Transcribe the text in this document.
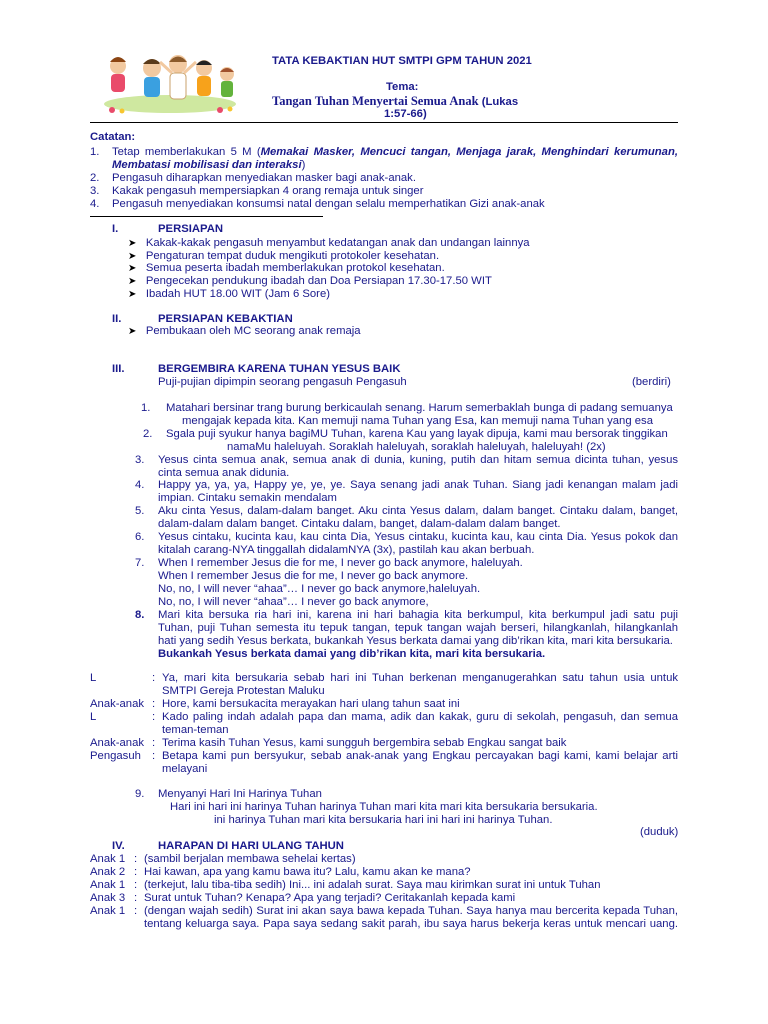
TATA KEBAKTIAN HUT SMTPI GPM TAHUN 2021
Tema:
Tangan Tuhan Menyertai Semua Anak (Lukas
1:57-66)
Catatan:
1. Tetap memberlakukan 5 M (Memakai Masker, Mencuci tangan, Menjaga jarak, Menghindari kerumunan,
Membatasi mobilisasi dan interaksi)
2. Pengasuh diharapkan menyediakan masker bagi anak-anak.
3. Kakak pengasuh mempersiapkan 4 orang remaja untuk singer
4. Pengasuh menyediakan konsumsi natal dengan selalu memperhatikan Gizi anak-anak
I.	PERSIAPAN
➤ Kakak-kakak pengasuh menyambut kedatangan anak dan undangan lainnya
➤ Pengaturan tempat duduk mengikuti protokoler kesehatan.
➤ Semua peserta ibadah memberlakukan protokol kesehatan.
➤ Pengecekan pendukung ibadah dan Doa Persiapan 17.30-17.50 WIT
➤ Ibadah HUT 18.00 WIT (Jam 6 Sore)
II.	PERSIAPAN KEBAKTIAN
➤ Pembukaan oleh MC seorang anak remaja
III.	BERGEMBIRA KARENA TUHAN YESUS BAIK
Puji-pujian dipimpin seorang pengasuh Pengasuh	(berdiri)
1. Matahari bersinar trang burung berkicaulah senang. Harum semerbaklah bunga di padang semuanya
mengajak kepada kita. Kan memuji nama Tuhan yang Esa, kan memuji nama Tuhan yang esa
2. Sgala puji syukur hanya bagiMU Tuhan, karena Kau yang layak dipuja, kami mau bersorak tinggikan
namaMu haleluyah. Soraklah haleluyah, soraklah haleluyah, haleluyah! (2x)
3. Yesus cinta semua anak, semua anak di dunia, kuning, putih dan hitam semua dicinta tuhan, yesus
cinta semua anak didunia.
4. Happy ya, ya, ya, Happy ye, ye, ye. Saya senang jadi anak Tuhan. Siang jadi kenangan malam jadi
impian. Cintaku semakin mendalam
5. Aku cinta Yesus, dalam-dalam banget. Aku cinta Yesus dalam, dalam banget. Cintaku dalam, banget,
dalam-dalam dalam banget. Cintaku dalam, banget, dalam-dalam dalam banget.
6. Yesus cintaku, kucinta kau, kau cinta Dia, Yesus cintaku, kucinta kau, kau cinta Dia. Yesus pokok dan
kitalah carang-NYA tinggallah didalamNYA (3x), pastilah kau akan berbuah.
7. When I remember Jesus die for me, I never go back anymore, haleluyah.
When I remember Jesus die for me, I never go back anymore.
No, no, I will never “ahaa”… I never go back anymore,haleluyah.
No, no, I will never “ahaa”… I never go back anymore,
8. Mari kita bersuka ria hari ini, karena ini hari bahagia kita berkumpul, kita berkumpul jadi satu puji
Tuhan, puji Tuhan semesta itu tepuk tangan, tepuk tangan wajah berseri, hilangkanlah, hilangkanlah
hati yang sedih Yesus berkata, bukankah Yesus berkata damai yang dib’rikan kita, mari kita bersukaria.
Bukankah Yesus berkata damai yang dib’rikan kita, mari kita bersukaria.
L	: Ya, mari kita bersukaria sebab hari ini Tuhan berkenan menganugerahkan satu tahun usia untuk
SMTPI Gereja Protestan Maluku
Anak-anak : Hore, kami bersukacita merayakan hari ulang tahun saat ini
L	: Kado paling indah adalah papa dan mama, adik dan kakak, guru di sekolah, pengasuh, dan semua
teman-teman
Anak-anak : Terima kasih Tuhan Yesus, kami sungguh bergembira sebab Engkau sangat baik
Pengasuh : Betapa kami pun bersyukur, sebab anak-anak yang Engkau percayakan bagi kami, kami belajar arti
melayani
9. Menyanyi Hari Ini Harinya Tuhan
Hari ini hari ini harinya Tuhan harinya Tuhan mari kita mari kita bersukaria bersukaria.
ini harinya Tuhan mari kita bersukaria hari ini hari ini harinya Tuhan.
(duduk)
IV.	HARAPAN DI HARI ULANG TAHUN
Anak 1 : (sambil berjalan membawa sehelai kertas)
Anak 2 : Hai kawan, apa yang kamu bawa itu? Lalu, kamu akan ke mana?
Anak 1 : (terkejut, lalu tiba-tiba sedih) Ini... ini adalah surat. Saya mau kirimkan surat ini untuk Tuhan
Anak 3 : Surat untuk Tuhan? Kenapa? Apa yang terjadi? Ceritakanlah kepada kami
Anak 1 : (dengan wajah sedih) Surat ini akan saya bawa kepada Tuhan. Saya hanya mau bercerita kepada Tuhan,
tentang keluarga saya. Papa saya sedang sakit parah, ibu saya harus bekerja keras untuk mencari uang.
